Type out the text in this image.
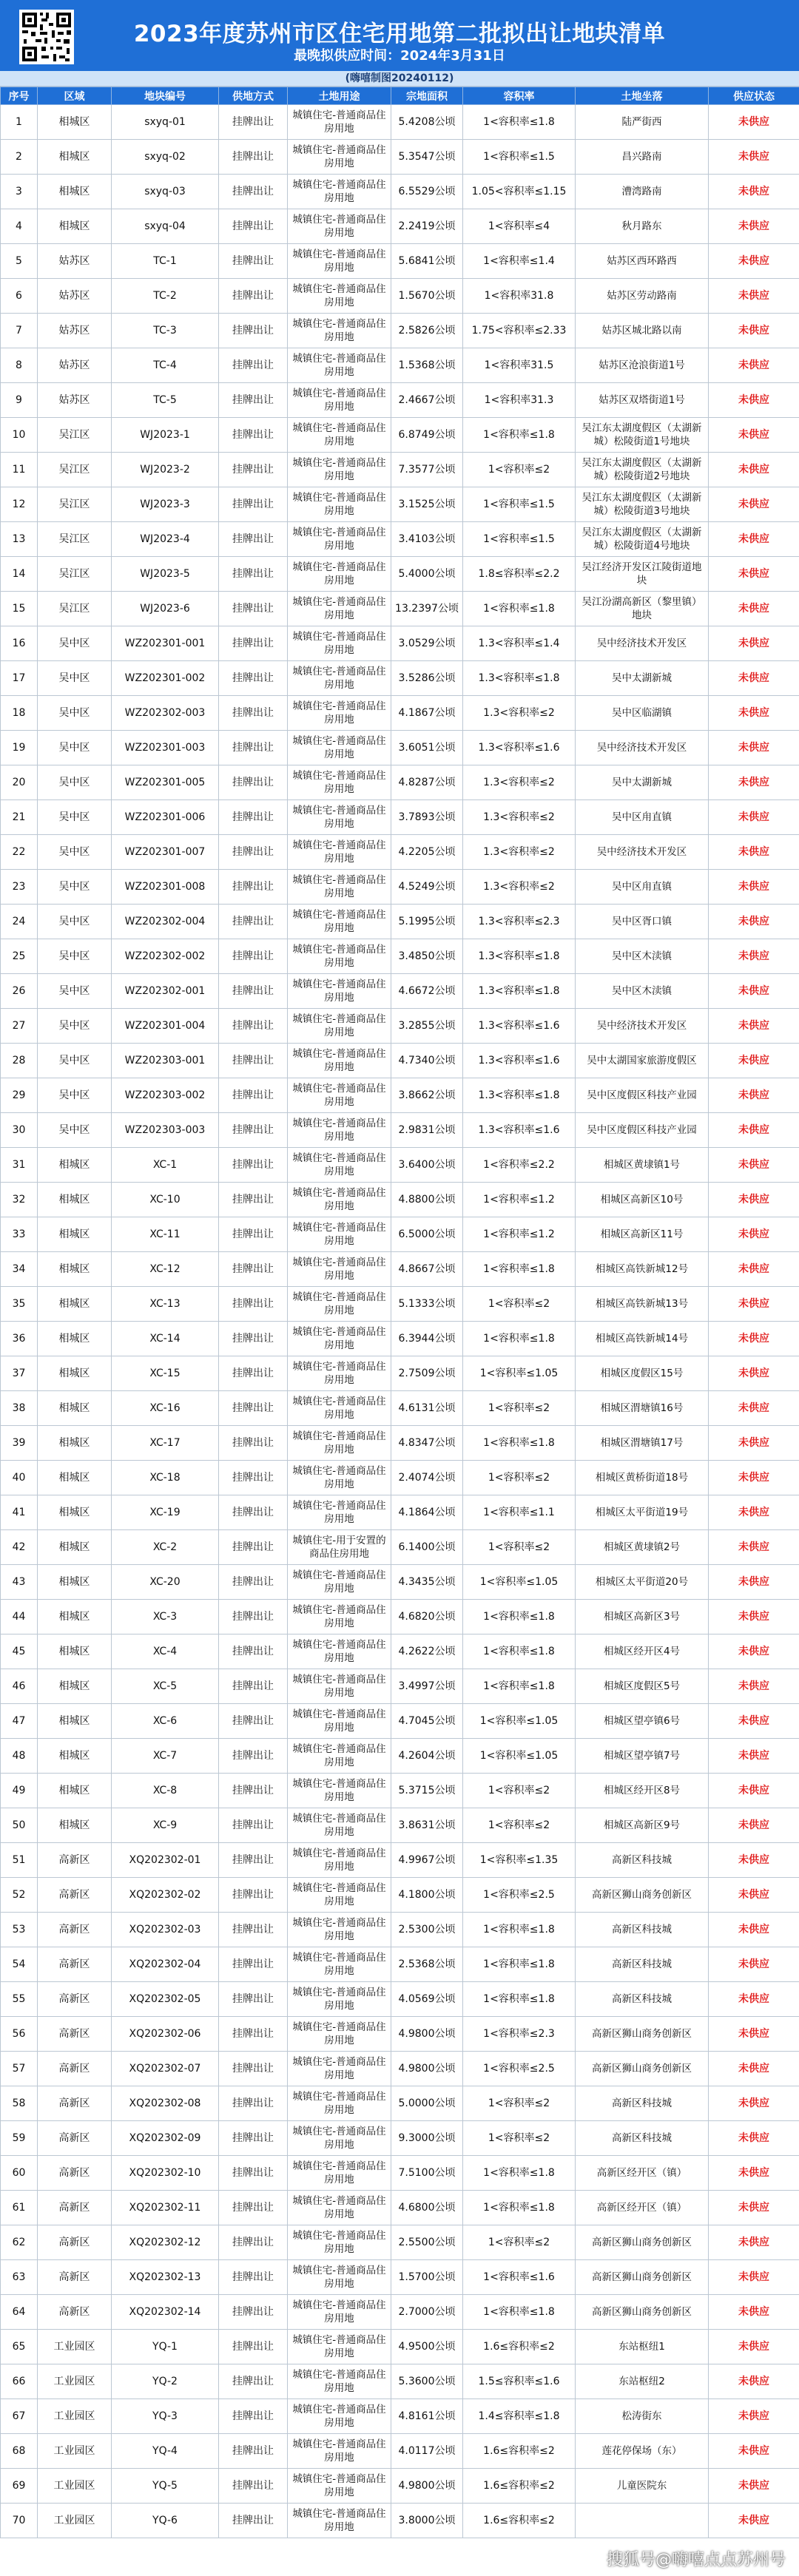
2023年度苏州市区住宅用地第二批拟出让地块清单
最晚拟供应时间：2024年3月31日
(嗨嘻制图20240112)
序号	区域	地块编号	供地方式	土地用途	宗地面积	容积率	土地坐落	供应状态
1	相城区	sxyq-01	挂牌出让	城镇住宅-普通商品住房用地	5.4208公顷	1<容积率≤1.8	陆严街西	未供应
2	相城区	sxyq-02	挂牌出让	城镇住宅-普通商品住房用地	5.3547公顷	1<容积率≤1.5	昌兴路南	未供应
3	相城区	sxyq-03	挂牌出让	城镇住宅-普通商品住房用地	6.5529公顷	1.05<容积率≤1.15	漕湾路南	未供应
4	相城区	sxyq-04	挂牌出让	城镇住宅-普通商品住房用地	2.2419公顷	1<容积率≤4	秋月路东	未供应
5	姑苏区	TC-1	挂牌出让	城镇住宅-普通商品住房用地	5.6841公顷	1<容积率≤1.4	姑苏区西环路西	未供应
6	姑苏区	TC-2	挂牌出让	城镇住宅-普通商品住房用地	1.5670公顷	1<容积率31.8	姑苏区劳动路南	未供应
7	姑苏区	TC-3	挂牌出让	城镇住宅-普通商品住房用地	2.5826公顷	1.75<容积率≤2.33	姑苏区城北路以南	未供应
8	姑苏区	TC-4	挂牌出让	城镇住宅-普通商品住房用地	1.5368公顷	1<容积率31.5	姑苏区沧浪街道1号	未供应
9	姑苏区	TC-5	挂牌出让	城镇住宅-普通商品住房用地	2.4667公顷	1<容积率31.3	姑苏区双塔街道1号	未供应
10	吴江区	WJ2023-1	挂牌出让	城镇住宅-普通商品住房用地	6.8749公顷	1<容积率≤1.8	吴江东太湖度假区（太湖新城）松陵街道1号地块	未供应
11	吴江区	WJ2023-2	挂牌出让	城镇住宅-普通商品住房用地	7.3577公顷	1<容积率≤2	吴江东太湖度假区（太湖新城）松陵街道2号地块	未供应
12	吴江区	WJ2023-3	挂牌出让	城镇住宅-普通商品住房用地	3.1525公顷	1<容积率≤1.5	吴江东太湖度假区（太湖新城）松陵街道3号地块	未供应
13	吴江区	WJ2023-4	挂牌出让	城镇住宅-普通商品住房用地	3.4103公顷	1<容积率≤1.5	吴江东太湖度假区（太湖新城）松陵街道4号地块	未供应
14	吴江区	WJ2023-5	挂牌出让	城镇住宅-普通商品住房用地	5.4000公顷	1.8≤容积率≤2.2	吴江经济开发区江陵街道地块	未供应
15	吴江区	WJ2023-6	挂牌出让	城镇住宅-普通商品住房用地	13.2397公顷	1<容积率≤1.8	吴江汾湖高新区（黎里镇）地块	未供应
16	吴中区	WZ202301-001	挂牌出让	城镇住宅-普通商品住房用地	3.0529公顷	1.3<容积率≤1.4	吴中经济技术开发区	未供应
17	吴中区	WZ202301-002	挂牌出让	城镇住宅-普通商品住房用地	3.5286公顷	1.3<容积率≤1.8	吴中太湖新城	未供应
18	吴中区	WZ202302-003	挂牌出让	城镇住宅-普通商品住房用地	4.1867公顷	1.3<容积率≤2	吴中区临湖镇	未供应
19	吴中区	WZ202301-003	挂牌出让	城镇住宅-普通商品住房用地	3.6051公顷	1.3<容积率≤1.6	吴中经济技术开发区	未供应
20	吴中区	WZ202301-005	挂牌出让	城镇住宅-普通商品住房用地	4.8287公顷	1.3<容积率≤2	吴中太湖新城	未供应
21	吴中区	WZ202301-006	挂牌出让	城镇住宅-普通商品住房用地	3.7893公顷	1.3<容积率≤2	吴中区甪直镇	未供应
22	吴中区	WZ202301-007	挂牌出让	城镇住宅-普通商品住房用地	4.2205公顷	1.3<容积率≤2	吴中经济技术开发区	未供应
23	吴中区	WZ202301-008	挂牌出让	城镇住宅-普通商品住房用地	4.5249公顷	1.3<容积率≤2	吴中区甪直镇	未供应
24	吴中区	WZ202302-004	挂牌出让	城镇住宅-普通商品住房用地	5.1995公顷	1.3<容积率≤2.3	吴中区胥口镇	未供应
25	吴中区	WZ202302-002	挂牌出让	城镇住宅-普通商品住房用地	3.4850公顷	1.3<容积率≤1.8	吴中区木渎镇	未供应
26	吴中区	WZ202302-001	挂牌出让	城镇住宅-普通商品住房用地	4.6672公顷	1.3<容积率≤1.8	吴中区木渎镇	未供应
27	吴中区	WZ202301-004	挂牌出让	城镇住宅-普通商品住房用地	3.2855公顷	1.3<容积率≤1.6	吴中经济技术开发区	未供应
28	吴中区	WZ202303-001	挂牌出让	城镇住宅-普通商品住房用地	4.7340公顷	1.3<容积率≤1.6	吴中太湖国家旅游度假区	未供应
29	吴中区	WZ202303-002	挂牌出让	城镇住宅-普通商品住房用地	3.8662公顷	1.3<容积率≤1.8	吴中区度假区科技产业园	未供应
30	吴中区	WZ202303-003	挂牌出让	城镇住宅-普通商品住房用地	2.9831公顷	1.3<容积率≤1.6	吴中区度假区科技产业园	未供应
31	相城区	XC-1	挂牌出让	城镇住宅-普通商品住房用地	3.6400公顷	1<容积率≤2.2	相城区黄埭镇1号	未供应
32	相城区	XC-10	挂牌出让	城镇住宅-普通商品住房用地	4.8800公顷	1<容积率≤1.2	相城区高新区10号	未供应
33	相城区	XC-11	挂牌出让	城镇住宅-普通商品住房用地	6.5000公顷	1<容积率≤1.2	相城区高新区11号	未供应
34	相城区	XC-12	挂牌出让	城镇住宅-普通商品住房用地	4.8667公顷	1<容积率≤1.8	相城区高铁新城12号	未供应
35	相城区	XC-13	挂牌出让	城镇住宅-普通商品住房用地	5.1333公顷	1<容积率≤2	相城区高铁新城13号	未供应
36	相城区	XC-14	挂牌出让	城镇住宅-普通商品住房用地	6.3944公顷	1<容积率≤1.8	相城区高铁新城14号	未供应
37	相城区	XC-15	挂牌出让	城镇住宅-普通商品住房用地	2.7509公顷	1<容积率≤1.05	相城区度假区15号	未供应
38	相城区	XC-16	挂牌出让	城镇住宅-普通商品住房用地	4.6131公顷	1<容积率≤2	相城区渭塘镇16号	未供应
39	相城区	XC-17	挂牌出让	城镇住宅-普通商品住房用地	4.8347公顷	1<容积率≤1.8	相城区渭塘镇17号	未供应
40	相城区	XC-18	挂牌出让	城镇住宅-普通商品住房用地	2.4074公顷	1<容积率≤2	相城区黄桥街道18号	未供应
41	相城区	XC-19	挂牌出让	城镇住宅-普通商品住房用地	4.1864公顷	1<容积率≤1.1	相城区太平街道19号	未供应
42	相城区	XC-2	挂牌出让	城镇住宅-用于安置的商品住房用地	6.1400公顷	1<容积率≤2	相城区黄埭镇2号	未供应
43	相城区	XC-20	挂牌出让	城镇住宅-普通商品住房用地	4.3435公顷	1<容积率≤1.05	相城区太平街道20号	未供应
44	相城区	XC-3	挂牌出让	城镇住宅-普通商品住房用地	4.6820公顷	1<容积率≤1.8	相城区高新区3号	未供应
45	相城区	XC-4	挂牌出让	城镇住宅-普通商品住房用地	4.2622公顷	1<容积率≤1.8	相城区经开区4号	未供应
46	相城区	XC-5	挂牌出让	城镇住宅-普通商品住房用地	3.4997公顷	1<容积率≤1.8	相城区度假区5号	未供应
47	相城区	XC-6	挂牌出让	城镇住宅-普通商品住房用地	4.7045公顷	1<容积率≤1.05	相城区望亭镇6号	未供应
48	相城区	XC-7	挂牌出让	城镇住宅-普通商品住房用地	4.2604公顷	1<容积率≤1.05	相城区望亭镇7号	未供应
49	相城区	XC-8	挂牌出让	城镇住宅-普通商品住房用地	5.3715公顷	1<容积率≤2	相城区经开区8号	未供应
50	相城区	XC-9	挂牌出让	城镇住宅-普通商品住房用地	3.8631公顷	1<容积率≤2	相城区高新区9号	未供应
51	高新区	XQ202302-01	挂牌出让	城镇住宅-普通商品住房用地	4.9967公顷	1<容积率≤1.35	高新区科技城	未供应
52	高新区	XQ202302-02	挂牌出让	城镇住宅-普通商品住房用地	4.1800公顷	1<容积率≤2.5	高新区狮山商务创新区	未供应
53	高新区	XQ202302-03	挂牌出让	城镇住宅-普通商品住房用地	2.5300公顷	1<容积率≤1.8	高新区科技城	未供应
54	高新区	XQ202302-04	挂牌出让	城镇住宅-普通商品住房用地	2.5368公顷	1<容积率≤1.8	高新区科技城	未供应
55	高新区	XQ202302-05	挂牌出让	城镇住宅-普通商品住房用地	4.0569公顷	1<容积率≤1.8	高新区科技城	未供应
56	高新区	XQ202302-06	挂牌出让	城镇住宅-普通商品住房用地	4.9800公顷	1<容积率≤2.3	高新区狮山商务创新区	未供应
57	高新区	XQ202302-07	挂牌出让	城镇住宅-普通商品住房用地	4.9800公顷	1<容积率≤2.5	高新区狮山商务创新区	未供应
58	高新区	XQ202302-08	挂牌出让	城镇住宅-普通商品住房用地	5.0000公顷	1<容积率≤2	高新区科技城	未供应
59	高新区	XQ202302-09	挂牌出让	城镇住宅-普通商品住房用地	9.3000公顷	1<容积率≤2	高新区科技城	未供应
60	高新区	XQ202302-10	挂牌出让	城镇住宅-普通商品住房用地	7.5100公顷	1<容积率≤1.8	高新区经开区（镇）	未供应
61	高新区	XQ202302-11	挂牌出让	城镇住宅-普通商品住房用地	4.6800公顷	1<容积率≤1.8	高新区经开区（镇）	未供应
62	高新区	XQ202302-12	挂牌出让	城镇住宅-普通商品住房用地	2.5500公顷	1<容积率≤2	高新区狮山商务创新区	未供应
63	高新区	XQ202302-13	挂牌出让	城镇住宅-普通商品住房用地	1.5700公顷	1<容积率≤1.6	高新区狮山商务创新区	未供应
64	高新区	XQ202302-14	挂牌出让	城镇住宅-普通商品住房用地	2.7000公顷	1<容积率≤1.8	高新区狮山商务创新区	未供应
65	工业园区	YQ-1	挂牌出让	城镇住宅-普通商品住房用地	4.9500公顷	1.6≤容积率≤2	东站枢纽1	未供应
66	工业园区	YQ-2	挂牌出让	城镇住宅-普通商品住房用地	5.3600公顷	1.5≤容积率≤1.6	东站枢纽2	未供应
67	工业园区	YQ-3	挂牌出让	城镇住宅-普通商品住房用地	4.8161公顷	1.4≤容积率≤1.8	松涛街东	未供应
68	工业园区	YQ-4	挂牌出让	城镇住宅-普通商品住房用地	4.0117公顷	1.6≤容积率≤2	莲花停保场（东）	未供应
69	工业园区	YQ-5	挂牌出让	城镇住宅-普通商品住房用地	4.9800公顷	1.6≤容积率≤2	儿童医院东	未供应
70	工业园区	YQ-6	挂牌出让	城镇住宅-普通商品住房用地	3.8000公顷	1.6≤容积率≤2		未供应
搜狐号@嗨嘻点点苏州号
